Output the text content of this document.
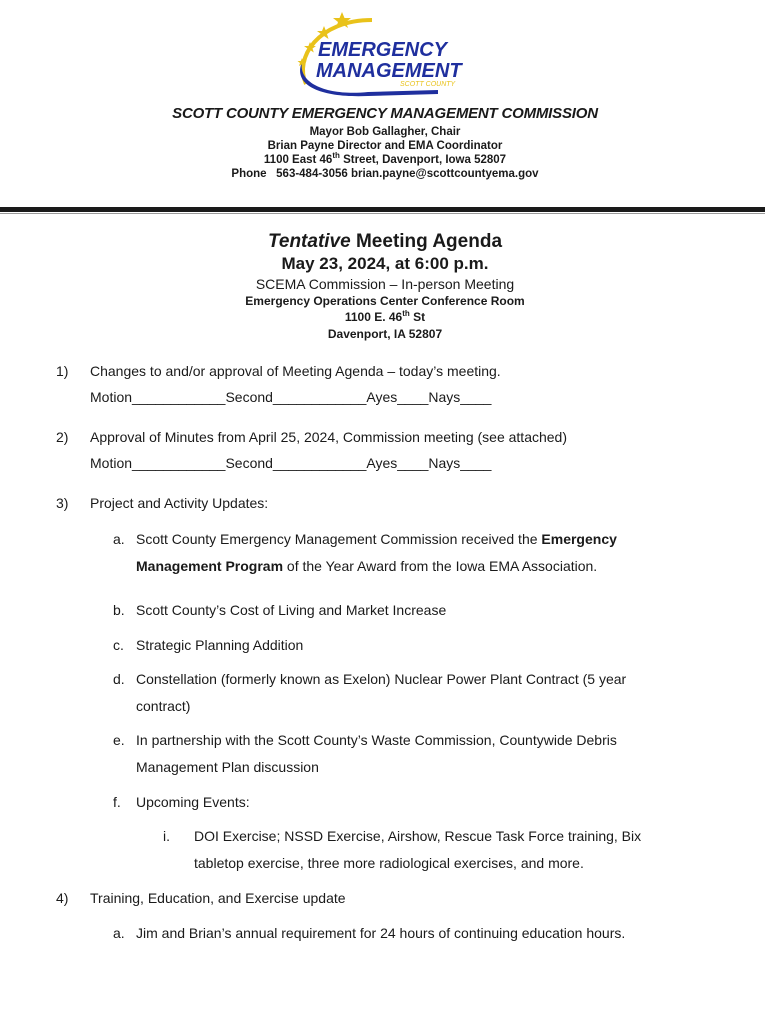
EMERGENCY
MANAGEMENT
SCOTT COUNTY
SCOTT COUNTY EMERGENCY MANAGEMENT COMMISSION
Mayor Bob Gallagher, Chair
Brian Payne Director and EMA Coordinator
1100 East 46th Street, Davenport, Iowa 52807
Phone   563-484-3056 brian.payne@scottcountyema.gov
Tentative Meeting Agenda
May 23, 2024, at 6:00 p.m.
SCEMA Commission – In-person Meeting
Emergency Operations Center Conference Room
1100 E. 46th St
Davenport, IA 52807
1) Changes to and/or approval of Meeting Agenda – today’s meeting.
Motion____________Second____________Ayes____Nays____
2) Approval of Minutes from April 25, 2024, Commission meeting (see attached)
Motion____________Second____________Ayes____Nays____
3) Project and Activity Updates:
a. Scott County Emergency Management Commission received the Emergency
Management Program of the Year Award from the Iowa EMA Association.
b. Scott County’s Cost of Living and Market Increase
c. Strategic Planning Addition
d. Constellation (formerly known as Exelon) Nuclear Power Plant Contract (5 year
contract)
e. In partnership with the Scott County’s Waste Commission, Countywide Debris
Management Plan discussion
f. Upcoming Events:
i. DOI Exercise; NSSD Exercise, Airshow, Rescue Task Force training, Bix
tabletop exercise, three more radiological exercises, and more.
4) Training, Education, and Exercise update
a. Jim and Brian’s annual requirement for 24 hours of continuing education hours.
